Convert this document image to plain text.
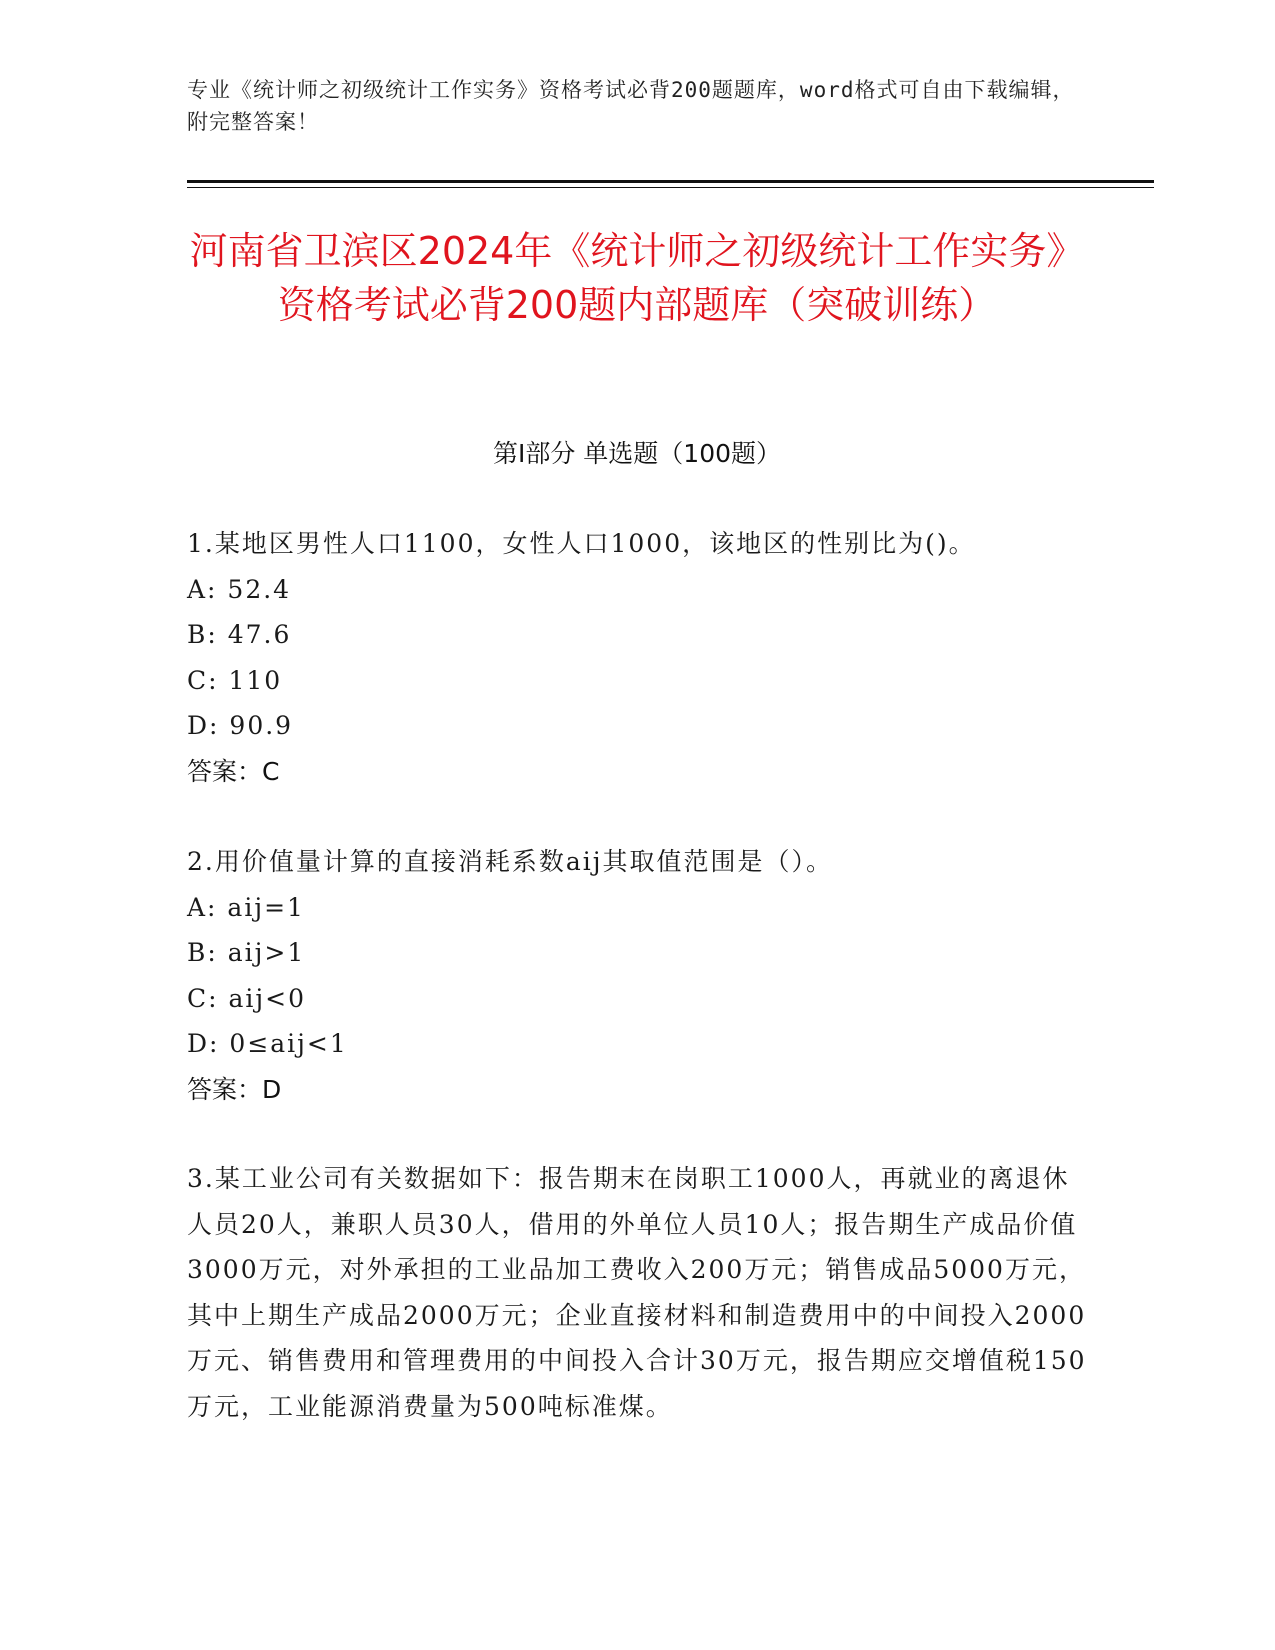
专业《统计师之初级统计工作实务》资格考试必背200题题库，word格式可自由下载编辑，附完整答案！
河南省卫滨区2024年《统计师之初级统计工作实务》资格考试必背200题内部题库（突破训练）
第Ⅰ部分 单选题（100题）

1.某地区男性人口1100，女性人口1000，该地区的性别比为()。

A: 52.4

B: 47.6

C: 110

D: 90.9

答案：C

2.用价值量计算的直接消耗系数aij其取值范围是（）。

A: aij=1

B: aij>1

C: aij<0

D: 0≤aij<1

答案：D

3.某工业公司有关数据如下：报告期末在岗职工1000人，再就业的离退休人员20人，兼职人员30人，借用的外单位人员10人；报告期生产成品价值3000万元，对外承担的工业品加工费收入200万元；销售成品5000万元，其中上期生产成品2000万元；企业直接材料和制造费用中的中间投入2000万元、销售费用和管理费用的中间投入合计30万元，报告期应交增值税150万元，工业能源消费量为500吨标准煤。
